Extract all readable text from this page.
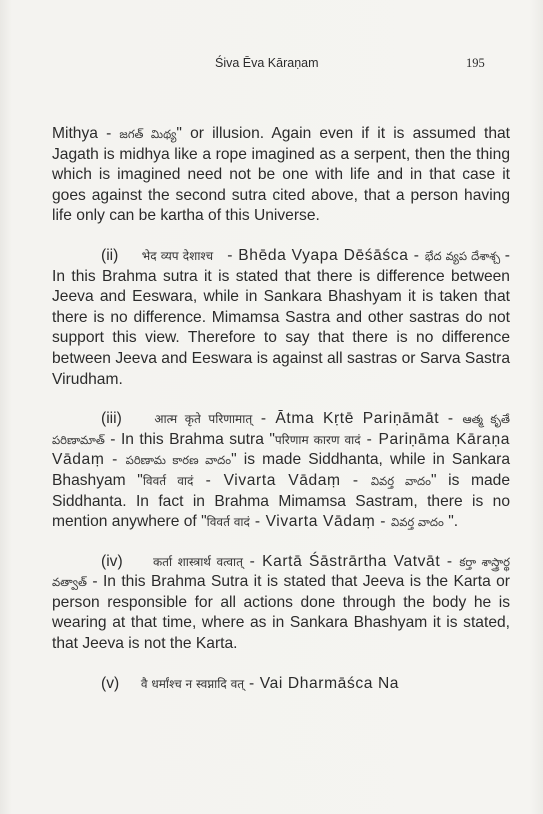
Śiva Ēva Kāraṇam	195

Mithya - జగత్ మిథ్య" or illusion. Again even if it is assumed that Jagath is midhya like a rope imagined as a serpent, then the thing which is imagined need not be one with life and in that case it goes against the second sutra cited above, that a person having life only can be kartha of this Universe.

(ii) भेद व्यप देशाश्च - Bhēda Vyapa Dēśāśca - భేద వ్యప దేశాశ్చ - In this Brahma sutra it is stated that there is difference between Jeeva and Eeswara, while in Sankara Bhashyam it is taken that there is no difference. Mimamsa Sastra and other sastras do not support this view. Therefore to say that there is no difference between Jeeva and Eeswara is against all sastras or Sarva Sastra Virudham.

(iii)	आत्म कृते परिणामात् - Ātma Kṛtē Pariṇāmāt - ఆత్మ కృతే పరిణామాత్ - In this Brahma sutra "परिणाम कारण वादं - Pariṇāma Kāraṇa Vādaṃ - పరిణామ కారణ వాదం" is made Siddhanta, while in Sankara Bhashyam "विवर्त वादं - Vivarta Vādaṃ - వివర్త వాదం" is made Siddhanta. In fact in Brahma Mimamsa Sastram, there is no mention anywhere of "विवर्त वादं - Vivarta Vādaṃ - వివర్త వాదం ".

(iv)	कर्ता शास्त्रार्थ वत्वात् - Kartā Śāstrārtha Vatvāt - కర్తా శాస్త్రార్థ వత్వాత్ - In this Brahma Sutra it is stated that Jeeva is the Karta or person responsible for all actions done through the body he is wearing at that time, where as in Sankara Bhashyam it is stated, that Jeeva is not the Karta.

(v) वै धर्मांश्च न स्वप्नादि वत् - Vai Dharmāśca Na
